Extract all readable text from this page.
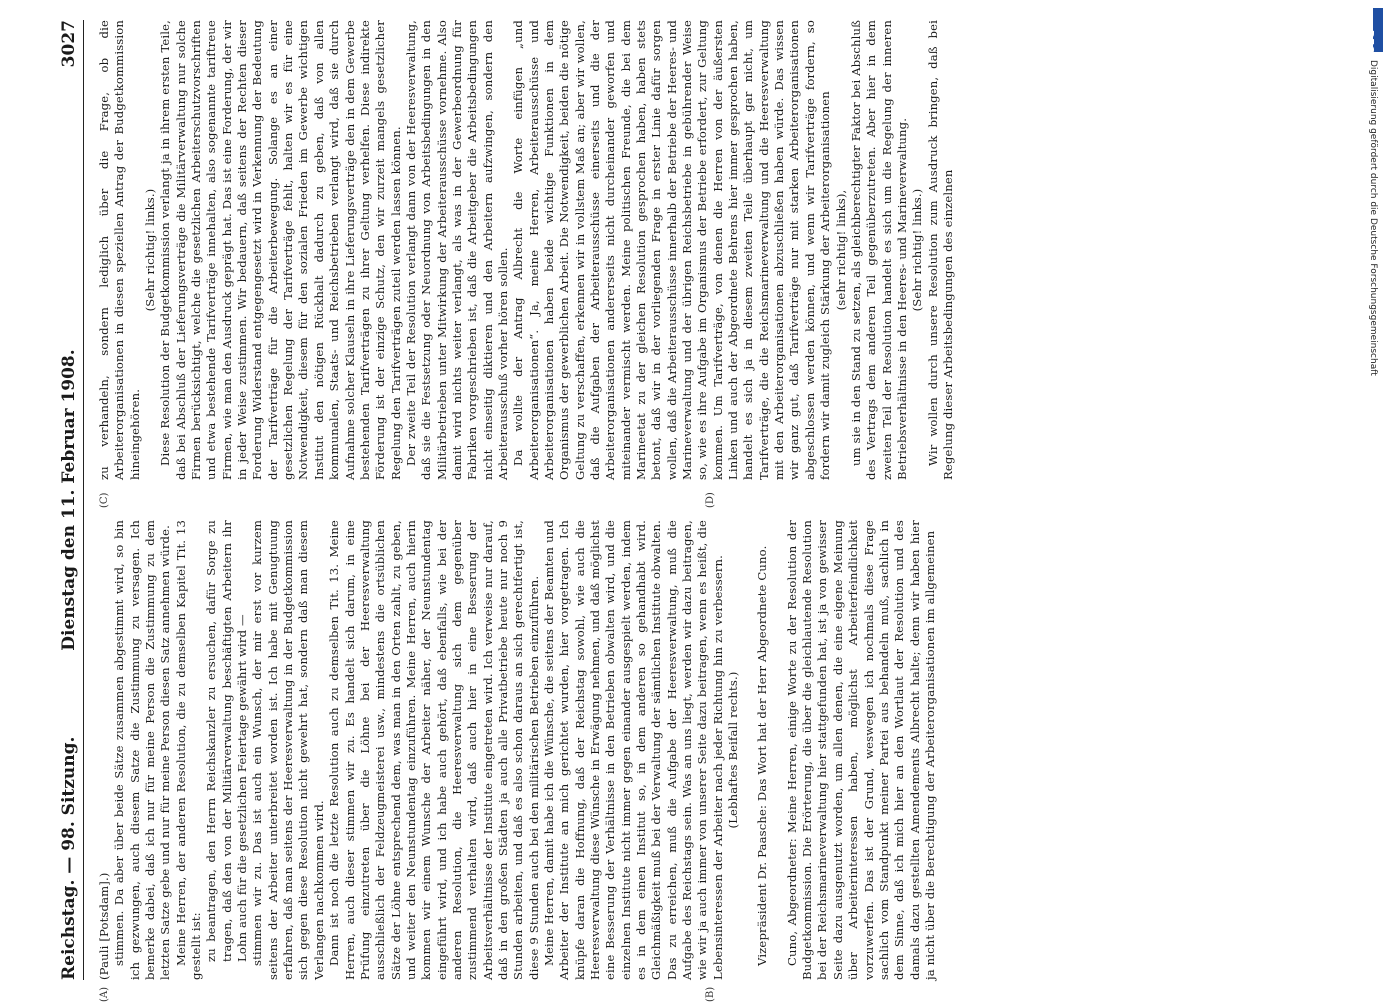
Reichstag. — 98. Sitzung.
Dienstag den 11. Februar 1908.
3027
(A)	(B)
(C)	(D)

(Pauli [Potsdam].) stimmen. Da aber über beide Sätze zusammen abgestimmt wird, so bin ich gezwungen, auch diesem Satze die Zustimmung zu versagen. Ich bemerke dabei, daß ich nur für meine Person die Zustimmung zu dem letzten Satze gebe und nur für meine Person diesen Satz annehmen würde. Meine Herren, der anderen Resolution, die zu demselben Kapitel Tit. 13 gestellt ist: zu beantragen, den Herrn Reichskanzler zu ersuchen, dafür Sorge zu tragen, daß den von der Militärverwaltung beschäftigten Arbeitern ihr Lohn auch für die gesetzlichen Feiertage gewährt wird — stimmen wir zu. Das ist auch ein Wunsch, der mir erst vor kurzem seitens der Arbeiter unterbreitet worden ist. Ich habe mit Genugtuung erfahren, daß man seitens der Heeresverwaltung in der Budgetkommission sich gegen diese Resolution nicht gewehrt hat, sondern daß man diesem Verlangen nachkommen wird. Dann ist noch die letzte Resolution auch zu demselben Tit. 13. Meine Herren, auch dieser stimmen wir zu. Es handelt sich darum, in eine Prüfung einzutreten über die Löhne bei der Heeresverwaltung ausschließlich der Feldzeugmeisterei usw., mindestens die ortsüblichen Sätze der Löhne entsprechend dem, was man in den Orten zahlt, zu geben, und weiter den Neunstundentag einzuführen. Meine Herren, auch hierin kommen wir einem Wunsche der Arbeiter näher, der Neunstundentag eingeführt wird, und ich habe auch gehört, daß ebenfalls, wie bei der anderen Resolution, die Heeresverwaltung sich dem gegenüber zustimmend verhalten wird, daß auch hier in eine Besserung der Arbeitsverhältnisse der Institute eingetreten wird. Ich verweise nur darauf, daß in den großen Städten ja auch alle Privatbetriebe heute nur noch 9 Stunden arbeiten, und daß es also schon daraus an sich gerechtfertigt ist, diese 9 Stunden auch bei den militärischen Betrieben einzuführen. Meine Herren, damit habe ich die Wünsche, die seitens der Beamten und Arbeiter der Institute an mich gerichtet wurden, hier vorgetragen. Ich knüpfe daran die Hoffnung, daß der Reichstag sowohl, wie auch die Heeresverwaltung diese Wünsche in Erwägung nehmen, und daß möglichst eine Besserung der Verhältnisse in den Betrieben obwalten wird, und die einzelnen Institute nicht immer gegen einander ausgespielt werden, indem es in dem einen Institut so, in dem anderen so gehandhabt wird. Gleichmäßigkeit muß bei der Verwaltung der sämtlichen Institute obwalten. Das zu erreichen, muß die Aufgabe der Heeresverwaltung, muß die Aufgabe des Reichstags sein. Was an uns liegt, werden wir dazu beitragen, wie wir ja auch immer von unserer Seite dazu beitragen, wenn es heißt, die Lebensinteressen der Arbeiter nach jeder Richtung hin zu verbessern. (Lebhaftes Beifall rechts.) Vizepräsident Dr. Paasche: Das Wort hat der Herr Abgeordnete Cuno. Cuno, Abgeordneter: Meine Herren, einige Worte zu der Resolution der Budgetkommission. Die Erörterung, die über die gleichlautende Resolution bei der Reichsmarineverwaltung hier stattgefunden hat, ist ja von gewisser Seite dazu ausgenutzt worden, um allen denen, die eine eigene Meinung über Arbeiterinteressen haben, möglichst Arbeiterfeindlichkeit vorzuwerfen. Das ist der Grund, weswegen ich nochmals diese Frage sachlich vom Standpunkt meiner Partei aus behandeln muß, sachlich in dem Sinne, daß ich mich hier an den Wortlaut der Resolution und des damals dazu gestellten Amendements Albrecht halte; denn wir haben hier ja nicht über die Berechtigung der Arbeiterorganisationen im allgemeinen

zu verhandeln, sondern lediglich über die Frage, ob die Arbeiterorganisationen in diesen speziellen Antrag der Budgetkommission hineingehören.

(Sehr richtig! links.) Diese Resolution der Budgetkommission verlangt ja in ihrem ersten Teile, daß bei Abschluß der Lieferungsverträge die Militärverwaltung nur solche Firmen berücksichtigt, welche die gesetzlichen Arbeiterschutzvorschriften und etwa bestehende Tarifverträge innehalten, also sogenannte tariftreue Firmen, wie man den Ausdruck geprägt hat. Das ist eine Forderung, der wir in jeder Weise zustimmen. Wir bedauern, daß seitens der Rechten dieser Forderung Widerstand entgegengesetzt wird in Verkennung der Bedeutung der Tarifverträge für die Arbeiterbewegung. Solange es an einer gesetzlichen Regelung der Tarifverträge fehlt, halten wir es für eine Notwendigkeit, diesem für den sozialen Frieden im Gewerbe wichtigen Institut den nötigen Rückhalt dadurch zu geben, daß von allen kommunalen, Staats- und Reichsbetrieben verlangt wird, daß sie durch Aufnahme solcher Klauseln in ihre Lieferungsverträge den in dem Gewerbe bestehenden Tarifverträgen zu ihrer Geltung verhelfen. Diese indirekte Förderung ist der einzige Schutz, den wir zurzeit mangels gesetzlicher Regelung den Tarifverträgen zuteil werden lassen können. Der zweite Teil der Resolution verlangt dann von der Heeresverwaltung, daß sie die Festsetzung oder Neuordnung von Arbeitsbedingungen in den Militärbetrieben unter Mitwirkung der Arbeiterausschüsse vornehme. Also damit wird nichts weiter verlangt, als was in der Gewerbeordnung für Fabriken vorgeschrieben ist, daß die Arbeitgeber die Arbeitsbedingungen nicht einseitig diktieren und den Arbeitern aufzwingen, sondern den Arbeiterausschuß vorher hören sollen. Da wollte der Antrag Albrecht die Worte einfügen „und Arbeiterorganisationen“. Ja, meine Herren, Arbeiterausschüsse und Arbeiterorganisationen haben beide wichtige Funktionen in dem Organismus der gewerblichen Arbeit. Die Notwendigkeit, beiden die nötige Geltung zu verschaffen, erkennen wir in vollstem Maß an; aber wir wollen, daß die Aufgaben der Arbeiterausschüsse einerseits und die der Arbeiterorganisationen andererseits nicht durcheinander geworfen und miteinander vermischt werden. Meine politischen Freunde, die bei dem Marineetat zu der gleichen Resolution gesprochen haben, haben stets betont, daß wir in der vorliegenden Frage in erster Linie dafür sorgen wollen, daß die Arbeiterausschüsse innerhalb der Betriebe der Heeres- und Marineverwaltung und der übrigen Reichsbetriebe in gebührender Weise so, wie es ihre Aufgabe im Organismus der Betriebe erfordert, zur Geltung kommen. Um Tarifverträge, von denen die Herren von der äußersten Linken und auch der Abgeordnete Behrens hier immer gesprochen haben, handelt es sich ja in diesem zweiten Teile überhaupt gar nicht, um Tarifverträge, die die Reichsmarineverwaltung und die Heeresverwaltung mit den Arbeiterorganisationen abzuschließen haben würde. Das wissen wir ganz gut, daß Tarifverträge nur mit starken Arbeiterorganisationen abgeschlossen werden können, und wenn wir Tarifverträge fordern, so fordern wir damit zugleich Stärkung der Arbeiterorganisationen (sehr richtig! links), um sie in den Stand zu setzen, als gleichberechtigter Faktor bei Abschluß des Vertrags dem anderen Teil gegenüberzutreten. Aber hier in dem zweiten Teil der Resolution handelt es sich um die Regelung der inneren Betriebsverhältnisse in den Heeres- und Marineverwaltung. (Sehr richtig! links.) Wir wollen durch unsere Resolution zum Ausdruck bringen, daß bei Regelung dieser Arbeitsbedingungen des einzelnen

DFG
Digitalisierung gefördert durch die Deutsche Forschungsgemeinschaft
